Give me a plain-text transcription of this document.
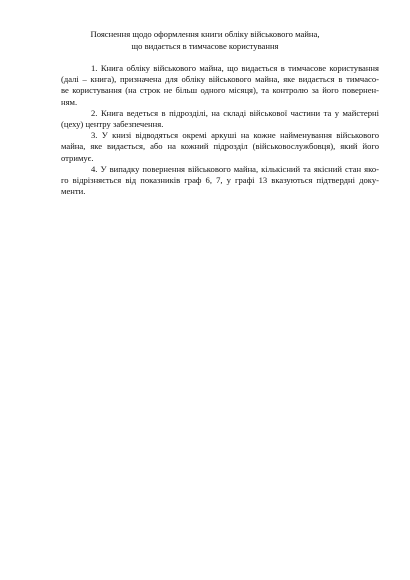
Пояснення щодо оформлення книги обліку військового майна,
що видається в тимчасове користування

1. Книга обліку військового майна, що видається в тимчасове користування
(далі – книга), призначена для обліку військового майна, яке видається в тимчасо-
ве користування (на строк не більш одного місяця), та контролю за його повернен-
ням.

2. Книга ведеться в підрозділі, на складі військової частини та у майстерні
(цеху) центру забезпечення.

3. У книзі відводяться окремі аркуші на кожне найменування військового
майна, яке видається, або на кожний підрозділ (військовослужбовця), який його
отримує.

4. У випадку повернення військового майна, кількісний та якісний стан яко-
го відрізняється від показників граф 6, 7, у графі 13 вказуються підтвердні доку-
менти.
